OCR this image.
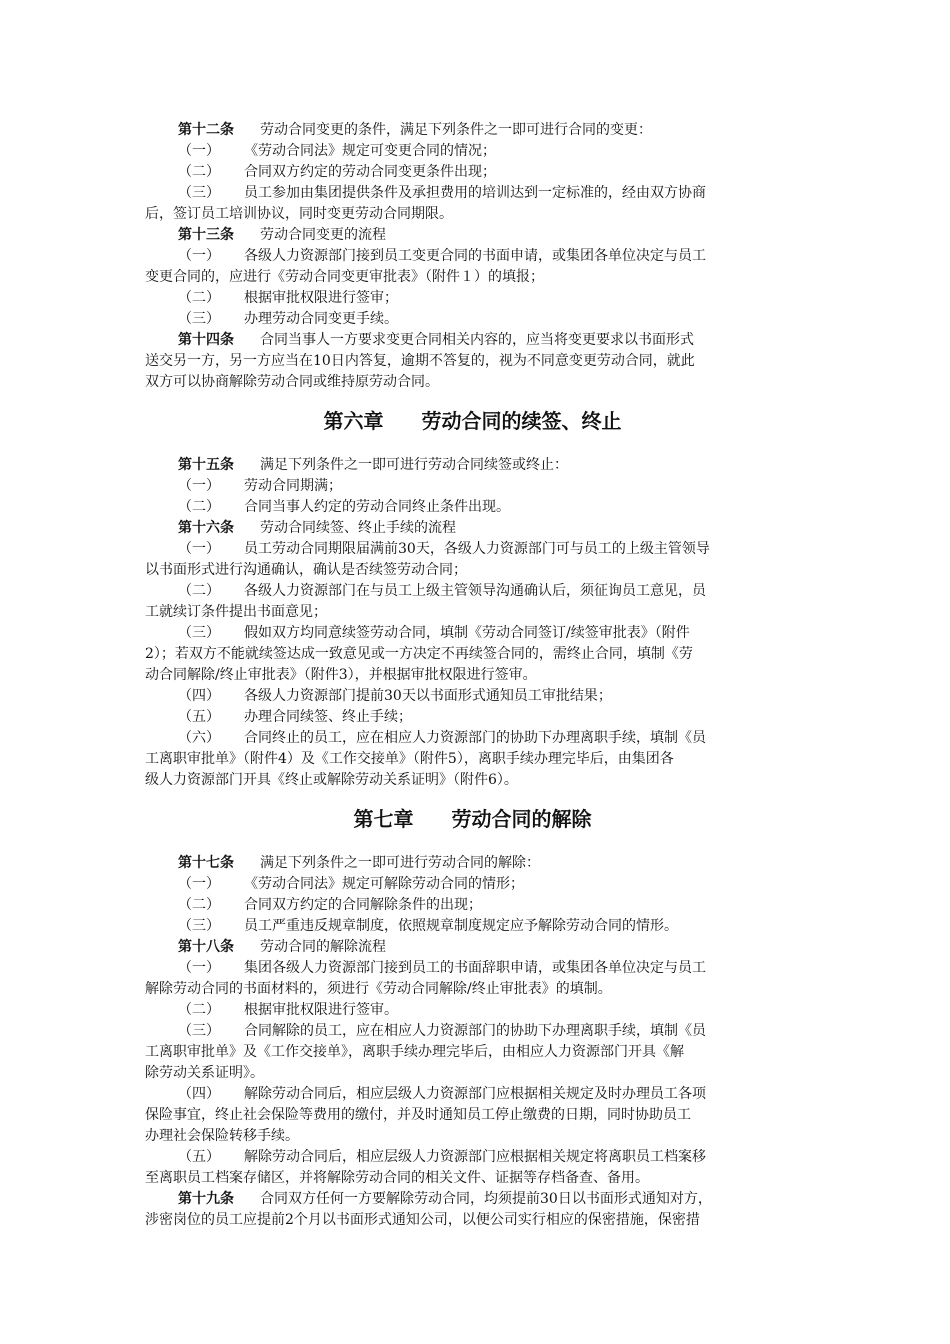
第十二条 劳动合同变更的条件，满足下列条件之一即可进行合同的变更：
（一） 《劳动合同法》规定可变更合同的情况；
（二） 合同双方约定的劳动合同变更条件出现；
（三） 员工参加由集团提供条件及承担费用的培训达到一定标准的，经由双方协商
后，签订员工培训协议，同时变更劳动合同期限。
第十三条 劳动合同变更的流程
（一） 各级人力资源部门接到员工变更合同的书面申请，或集团各单位决定与员工
变更合同的，应进行《劳动合同变更审批表》（附件１）的填报；
（二） 根据审批权限进行签审；
（三） 办理劳动合同变更手续。
第十四条 合同当事人一方要求变更合同相关内容的，应当将变更要求以书面形式
送交另一方，另一方应当在10日内答复，逾期不答复的，视为不同意变更劳动合同，就此
双方可以协商解除劳动合同或维持原劳动合同。
第六章 劳动合同的续签、终止
第十五条 满足下列条件之一即可进行劳动合同续签或终止：
（一） 劳动合同期满；
（二） 合同当事人约定的劳动合同终止条件出现。
第十六条 劳动合同续签、终止手续的流程
（一） 员工劳动合同期限届满前30天，各级人力资源部门可与员工的上级主管领导
以书面形式进行沟通确认，确认是否续签劳动合同；
（二） 各级人力资源部门在与员工上级主管领导沟通确认后，须征询员工意见，员
工就续订条件提出书面意见；
（三） 假如双方均同意续签劳动合同，填制《劳动合同签订/续签审批表》（附件
2）；若双方不能就续签达成一致意见或一方决定不再续签合同的，需终止合同，填制《劳
动合同解除/终止审批表》（附件3），并根据审批权限进行签审。
（四） 各级人力资源部门提前30天以书面形式通知员工审批结果；
（五） 办理合同续签、终止手续；
（六） 合同终止的员工，应在相应人力资源部门的协助下办理离职手续，填制《员
工离职审批单》（附件4）及《工作交接单》（附件5），离职手续办理完毕后，由集团各
级人力资源部门开具《终止或解除劳动关系证明》（附件6）。
第七章 劳动合同的解除
第十七条 满足下列条件之一即可进行劳动合同的解除：
（一） 《劳动合同法》规定可解除劳动合同的情形；
（二） 合同双方约定的合同解除条件的出现；
（三） 员工严重违反规章制度，依照规章制度规定应予解除劳动合同的情形。
第十八条 劳动合同的解除流程
（一） 集团各级人力资源部门接到员工的书面辞职申请，或集团各单位决定与员工
解除劳动合同的书面材料的，须进行《劳动合同解除/终止审批表》的填制。
（二） 根据审批权限进行签审。
（三） 合同解除的员工，应在相应人力资源部门的协助下办理离职手续，填制《员
工离职审批单》及《工作交接单》，离职手续办理完毕后，由相应人力资源部门开具《解
除劳动关系证明》。
（四） 解除劳动合同后，相应层级人力资源部门应根据相关规定及时办理员工各项
保险事宜，终止社会保险等费用的缴付，并及时通知员工停止缴费的日期，同时协助员工
办理社会保险转移手续。
（五） 解除劳动合同后，相应层级人力资源部门应根据相关规定将离职员工档案移
至离职员工档案存储区，并将解除劳动合同的相关文件、证据等存档备查、备用。
第十九条 合同双方任何一方要解除劳动合同，均须提前30日以书面形式通知对方，
涉密岗位的员工应提前2个月以书面形式通知公司，以便公司实行相应的保密措施，保密措
